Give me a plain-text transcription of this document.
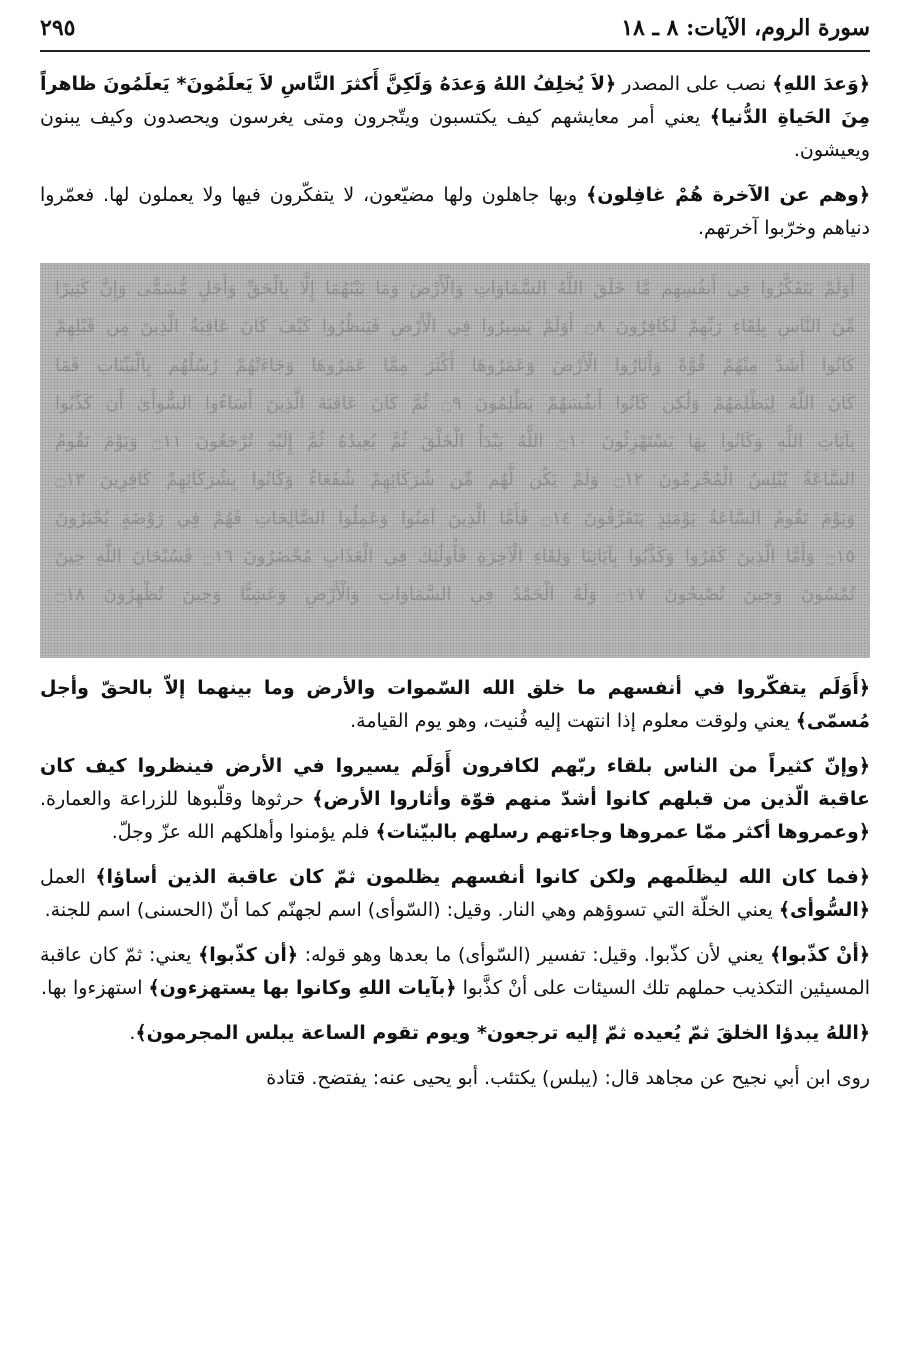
سورة الروم، الآيات: ٨ ـ ١٨
٢٩٥

﴿وَعدَ اللهِ﴾ نصب على المصدر ﴿لاَ يُخلِفُ اللهُ وَعدَهُ وَلَكِنَّ أَكثرَ النَّاسِ لاَ يَعلَمُونَ* يَعلَمُونَ ظاهراً مِنَ الحَياةِ الدُّنيا﴾ يعني أمر معايشهم كيف يكتسبون ويتّجرون ومتى يغرسون ويحصدون وكيف يبنون ويعيشون.

﴿وهم عن الآخرة هُمْ غافِلون﴾ وبها جاهلون ولها مضيّعون، لا يتفكّرون فيها ولا يعملون لها. فعمّروا دنياهم وخرّبوا آخرتهم.

أَوَلَمْ يَتَفَكَّرُوا فِي أَنفُسِهِم مَّا خَلَقَ اللَّهُ السَّمَاوَاتِ وَالْأَرْضَ وَمَا بَيْنَهُمَا إِلَّا بِالْحَقِّ وَأَجَلٍ مُّسَمًّى وَإِنَّ كَثِيرًا
مِّنَ النَّاسِ بِلِقَاءِ رَبِّهِمْ لَكَافِرُونَ ۝٨ أَوَلَمْ يَسِيرُوا فِي الْأَرْضِ فَيَنظُرُوا كَيْفَ كَانَ عَاقِبَةُ الَّذِينَ مِن قَبْلِهِمْ
كَانُوا أَشَدَّ مِنْهُمْ قُوَّةً وَأَثَارُوا الْأَرْضَ وَعَمَرُوهَا أَكْثَرَ مِمَّا عَمَرُوهَا وَجَاءَتْهُمْ رُسُلُهُم بِالْبَيِّنَاتِ فَمَا
كَانَ اللَّهُ لِيَظْلِمَهُمْ وَلَٰكِن كَانُوا أَنفُسَهُمْ يَظْلِمُونَ ۝٩ ثُمَّ كَانَ عَاقِبَةَ الَّذِينَ أَسَاءُوا السُّوأَىٰ أَن كَذَّبُوا
بِآيَاتِ اللَّهِ وَكَانُوا بِهَا يَسْتَهْزِئُونَ ۝١٠ اللَّهُ يَبْدَأُ الْخَلْقَ ثُمَّ يُعِيدُهُ ثُمَّ إِلَيْهِ تُرْجَعُونَ ۝١١ وَيَوْمَ تَقُومُ
السَّاعَةُ يُبْلِسُ الْمُجْرِمُونَ ۝١٢ وَلَمْ يَكُن لَّهُم مِّن شُرَكَائِهِمْ شُفَعَاءُ وَكَانُوا بِشُرَكَائِهِمْ كَافِرِينَ ۝١٣
وَيَوْمَ تَقُومُ السَّاعَةُ يَوْمَئِذٍ يَتَفَرَّقُونَ ۝١٤ فَأَمَّا الَّذِينَ آمَنُوا وَعَمِلُوا الصَّالِحَاتِ فَهُمْ فِي رَوْضَةٍ يُحْبَرُونَ
۝١٥ وَأَمَّا الَّذِينَ كَفَرُوا وَكَذَّبُوا بِآيَاتِنَا وَلِقَاءِ الْآخِرَةِ فَأُولَٰئِكَ فِي الْعَذَابِ مُحْضَرُونَ ۝١٦ فَسُبْحَانَ اللَّهِ حِينَ
تُمْسُونَ وَحِينَ تُصْبِحُونَ ۝١٧ وَلَهُ الْحَمْدُ فِي السَّمَاوَاتِ وَالْأَرْضِ وَعَشِيًّا وَحِينَ تُظْهِرُونَ ۝١٨

﴿أَوَلَم يتفكّروا في أنفسهم ما خلق الله السّموات والأرض وما بينهما إلاّ بالحقّ وأجل مُسمّى﴾ يعني ولوقت معلوم إذا انتهت إليه فُنيت، وهو يوم القيامة.

﴿وإنّ كثيراً من الناس بلقاء ربّهم لكافرون أَوَلَم يسيروا في الأرض فينظروا كيف كان عاقبة الّذين من قبلهم كانوا أشدّ منهم قوّة وأثاروا الأرض﴾ حرثوها وقلّبوها للزراعة والعمارة. ﴿وعمروها أكثر ممّا عمروها وجاءتهم رسلهم بالبيّنات﴾ فلم يؤمنوا وأهلكهم الله عزّ وجلّ.

﴿فما كان الله ليظلَمهم ولكن كانوا أنفسهم يظلمون ثمّ كان عاقبة الذين أساؤا﴾ العمل ﴿السُّوأى﴾ يعني الخلّة التي تسوؤهم وهي النار. وقيل: (السّوأى) اسم لجهنّم كما أنّ (الحسنى) اسم للجنة.

﴿أنْ كذّبوا﴾ يعني لأن كذّبوا. وقيل: تفسير (السّوأى) ما بعدها وهو قوله: ﴿أن كذّبوا﴾ يعني: ثمّ كان عاقبة المسيئين التكذيب حملهم تلك السيئات على أنْ كذَّبوا ﴿بآيات اللهِ وكانوا بها يستهزءون﴾ استهزءوا بها.

﴿اللهُ يبدؤا الخلقَ ثمّ يُعيده ثمّ إليه ترجعون* ويوم تقوم الساعة يبلس المجرمون﴾.

روى ابن أبي نجيح عن مجاهد قال: (يبلس) يكتئب. أبو يحيى عنه: يفتضح. قتادة
